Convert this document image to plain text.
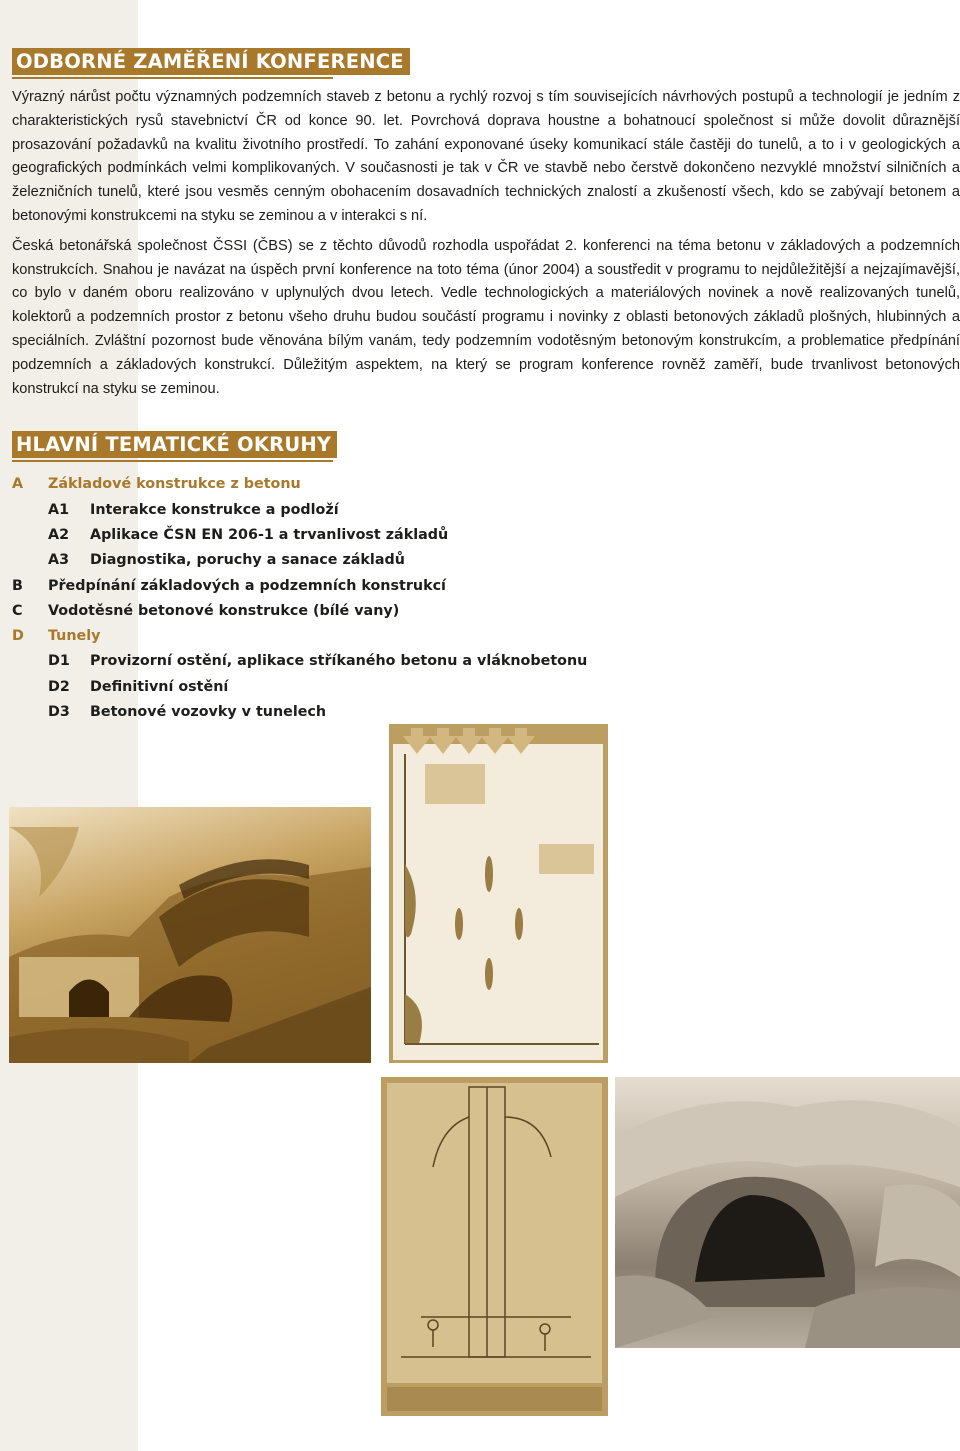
ODBORNÉ ZAMĚŘENÍ KONFERENCE

Výrazný nárůst počtu významných podzemních staveb z betonu a rychlý rozvoj s tím souvisejících návrhových postupů a technologií je jedním z charakteristických rysů stavebnictví ČR od konce 90. let. Povrchová doprava houstne a bohatnoucí společnost si může dovolit důraznější prosazování požadavků na kvalitu životního prostředí. To zahání exponované úseky komunikací stále častěji do tunelů, a to i v geologických a geografických podmínkách velmi komplikovaných. V současnosti je tak v ČR ve stavbě nebo čerstvě dokončeno nezvyklé množství silničních a železničních tunelů, které jsou vesměs cenným obohacením dosavadních technických znalostí a zkušeností všech, kdo se zabývají betonem a betonovými konstrukcemi na styku se zeminou a v interakci s ní.

Česká betonářská společnost ČSSI (ČBS) se z těchto důvodů rozhodla uspořádat 2. konferenci na téma betonu v základových a podzemních konstrukcích. Snahou je navázat na úspěch první konference na toto téma (únor 2004) a soustředit v programu to nejdůležitější a nejzajímavější, co bylo v daném oboru realizováno v uplynulých dvou letech. Vedle technologických a materiálových novinek a nově realizovaných tunelů, kolektorů a podzemních prostor z betonu všeho druhu budou součástí programu i novinky z oblasti betonových základů plošných, hlubinných a speciálních. Zvláštní pozornost bude věnována bílým vanám, tedy podzemním vodotěsným betonovým konstrukcím, a problematice předpínání podzemních a základových konstrukcí. Důležitým aspektem, na který se program konference rovněž zaměří, bude trvanlivost betonových konstrukcí na styku se zeminou.

HLAVNÍ TEMATICKÉ OKRUHY
A Základové konstrukce z betonu
A1 Interakce konstrukce a podloží
A2 Aplikace ČSN EN 206-1 a trvanlivost základů
A3 Diagnostika, poruchy a sanace základů
B Předpínání základových a podzemních konstrukcí
C Vodotěsné betonové konstrukce (bílé vany)
D Tunely
D1 Provizorní ostění, aplikace stříkaného betonu a vláknobetonu
D2 Definitivní ostění
D3 Betonové vozovky v tunelech
